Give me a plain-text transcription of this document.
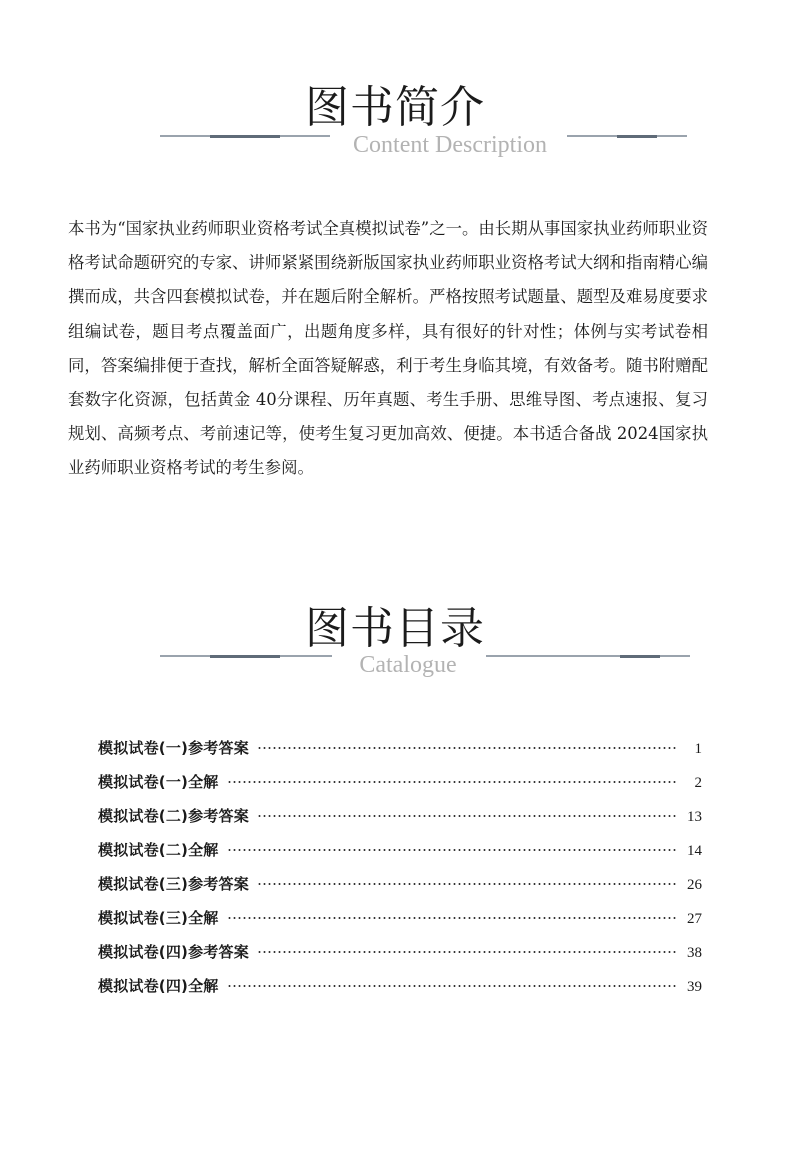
图书简介
Content Description

本书为“国家执业药师职业资格考试全真模拟试卷”之一。由长期从事国家执业药师职业资格考试命题研究的专家、讲师紧紧围绕新版国家执业药师职业资格考试大纲和指南精心编撰而成，共含四套模拟试卷，并在题后附全解析。严格按照考试题量、题型及难易度要求组编试卷，题目考点覆盖面广，出题角度多样，具有很好的针对性；体例与实考试卷相同，答案编排便于查找，解析全面答疑解惑，利于考生身临其境，有效备考。随书附赠配套数字化资源，包括黄金 40分课程、历年真题、考生手册、思维导图、考点速报、复习规划、高频考点、考前速记等，使考生复习更加高效、便捷。本书适合备战 2024国家执业药师职业资格考试的考生参阅。

图书目录
Catalogue
模拟试卷(一)参考答案	1
模拟试卷(一)全解	2
模拟试卷(二)参考答案	13
模拟试卷(二)全解	14
模拟试卷(三)参考答案	26
模拟试卷(三)全解	27
模拟试卷(四)参考答案	38
模拟试卷(四)全解	39
